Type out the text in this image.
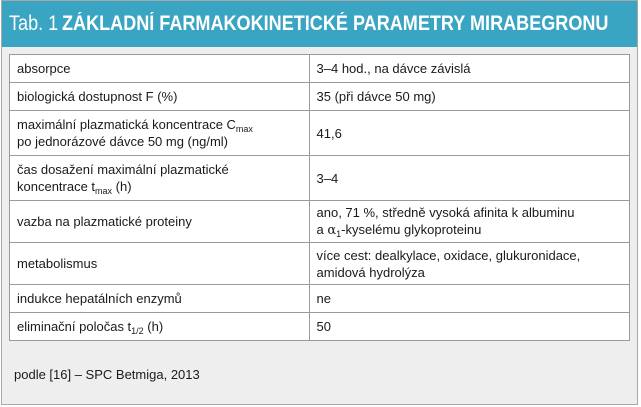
Tab. 1 ZÁKLADNÍ FARMAKOKINETICKÉ PARAMETRY MIRABEGRONU
absorpce	3–4 hod., na dávce závislá
biologická dostupnost F (%)	35 (při dávce 50 mg)
maximální plazmatická koncentrace $C_{max}$
po jednorázové dávce 50 mg (ng/ml)	41,6
čas dosažení maximální plazmatické
koncentrace $t_{max}$ (h)	3–4
vazba na plazmatické proteiny	ano, 71 %, středně vysoká afinita k albuminu
a $\alpha_1$-kyselému glykoproteinu
metabolismus	více cest: dealkylace, oxidace, glukuronidace,
amidová hydrolýza
indukce hepatálních enzymů	ne
eliminační poločas $t_{1/2}$ (h)	50
podle [16] – SPC Betmiga, 2013
